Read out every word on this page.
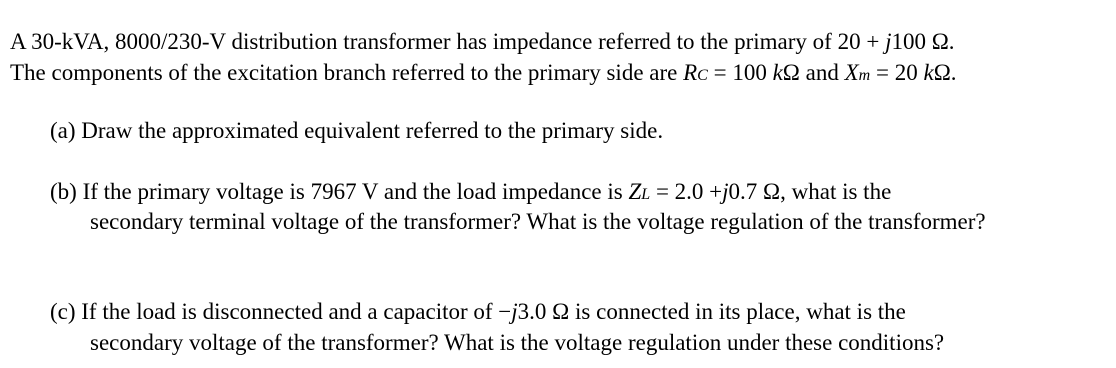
A 30-kVA, 8000/230-V distribution transformer has impedance referred to the primary of 20 + j100 Ω.
The components of the excitation branch referred to the primary side are RC = 100 kΩ and Xm = 20 kΩ.
(a) Draw the approximated equivalent referred to the primary side.
(b) If the primary voltage is 7967 V and the load impedance is ZL = 2.0 +j0.7 Ω, what is the
secondary terminal voltage of the transformer? What is the voltage regulation of the transformer?
(c) If the load is disconnected and a capacitor of −j3.0 Ω is connected in its place, what is the
secondary voltage of the transformer? What is the voltage regulation under these conditions?
